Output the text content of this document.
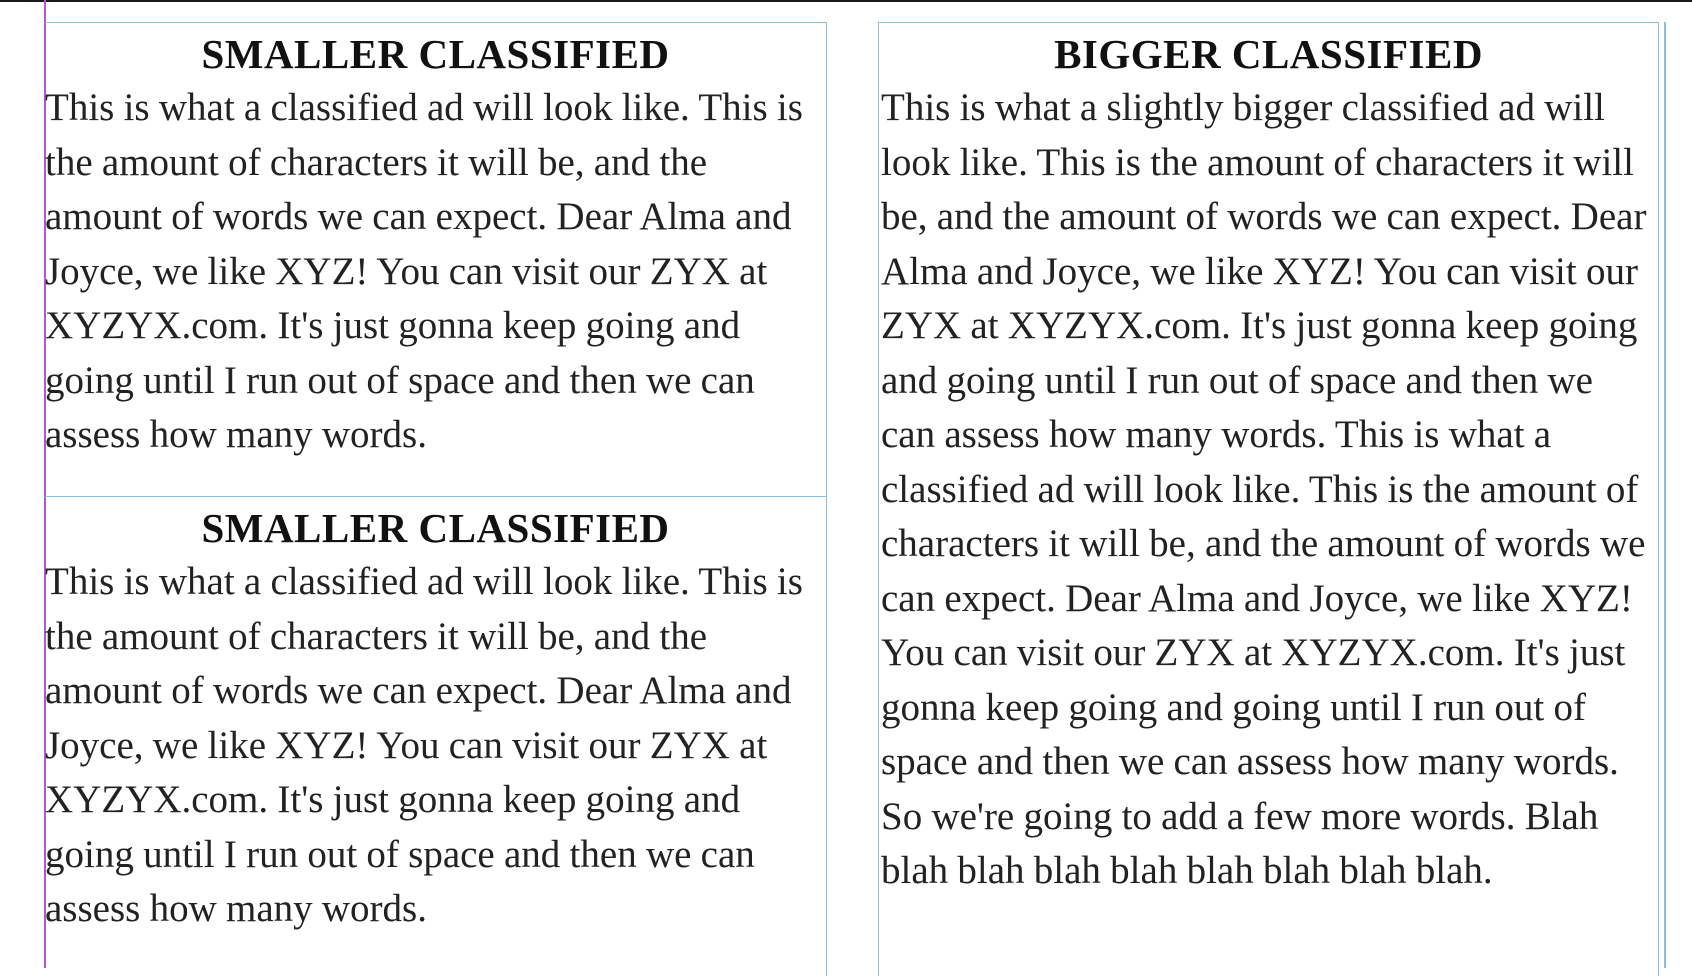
SMALLER CLASSIFIED
This is what a classified ad will look like. This is the amount of characters it will be, and the amount of words we can expect. Dear Alma and Joyce, we like XYZ! You can visit our ZYX at XYZYX.com. It's just gonna keep going and going until I run out of space and then we can assess how many words.
SMALLER CLASSIFIED
This is what a classified ad will look like. This is the amount of characters it will be, and the amount of words we can expect. Dear Alma and Joyce, we like XYZ! You can visit our ZYX at XYZYX.com. It's just gonna keep going and going until I run out of space and then we can assess how many words.
BIGGER CLASSIFIED
This is what a slightly bigger classified ad will look like. This is the amount of characters it will be, and the amount of words we can expect. Dear Alma and Joyce, we like XYZ! You can visit our ZYX at XYZYX.com. It's just gonna keep going and going until I run out of space and then we can assess how many words. This is what a classified ad will look like. This is the amount of characters it will be, and the amount of words we can expect. Dear Alma and Joyce, we like XYZ! You can visit our ZYX at XYZYX.com. It's just gonna keep going and going until I run out of space and then we can assess how many words. So we're going to add a few more words. Blah blah blah blah blah blah blah blah blah.
